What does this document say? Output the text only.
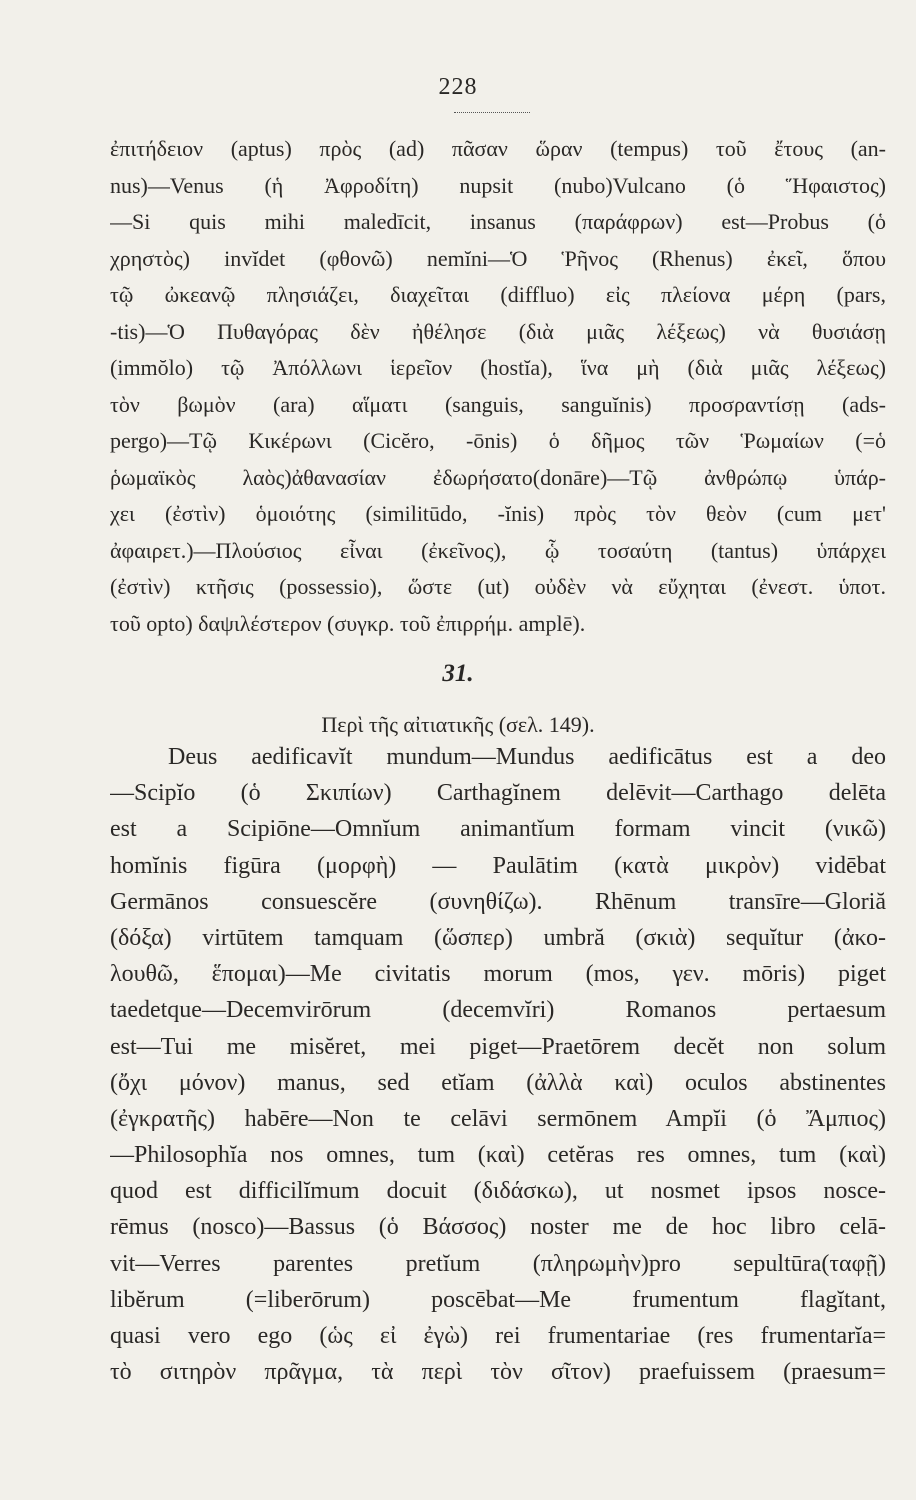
228
ἐπιτήδειον (aptus) πρὸς (ad) πᾶσαν ὥραν (tempus) τοῦ ἔτους (an-
nus)—Venus (ἡ Ἀφροδίτη) nupsit (nubo)Vulcano (ὁ Ἥφαιστος)
—Si quis mihi maledīcit, insanus (παράφρων) est—Probus (ὁ
χρηστὸς) invĭdet (φθονῶ) nemĭni—Ὁ Ῥῆνος (Rhenus) ἐκεῖ, ὅπου
τῷ ὠκεανῷ πλησιάζει, διαχεῖται (diffluo) εἰς πλείονα μέρη (pars,
-tis)—Ὁ Πυθαγόρας δὲν ἠθέλησε (διὰ μιᾶς λέξεως) νὰ θυσιάσῃ
(immŏlo) τῷ Ἀπόλλωνι ἱερεῖον (hostĭa), ἵνα μὴ (διὰ μιᾶς λέξεως)
τὸν βωμὸν (ara) αἵματι (sanguis, sanguĭnis) προσραντίσῃ (ads-
pergo)—Τῷ Κικέρωνι (Cicĕro, -ōnis) ὁ δῆμος τῶν Ῥωμαίων (=ὁ
ῥωμαϊκὸς λαὸς)ἀθανασίαν ἐδωρήσατο(donāre)—Τῷ ἀνθρώπῳ ὑπάρ-
χει (ἐστὶν) ὁμοιότης (similitūdo, -ĭnis) πρὸς τὸν θεὸν (cum μετ'
ἀφαιρετ.)—Πλούσιος εἶναι (ἐκεῖνος), ᾧ τοσαύτη (tantus) ὑπάρχει
(ἐστὶν) κτῆσις (possessio), ὥστε (ut) οὐδὲν νὰ εὔχηται (ἐνεστ. ὑποτ.
τοῦ opto) δαψιλέστερον (συγκρ. τοῦ ἐπιρρήμ. amplē).
31.
Περὶ τῆς αἰτιατικῆς (σελ. 149).
Deus aedificavĭt mundum—Mundus aedificātus est a deo
—Scipĭo (ὁ Σκιπίων) Carthagĭnem delēvit—Carthago delēta
est a Scipiōne—Omnĭum animantĭum formam vincit (νικῶ)
homĭnis figūra (μορφὴ) — Paulātim (κατὰ μικρὸν) vidēbat
Germānos consuescĕre (συνηθίζω). Rhēnum transīre—Gloriă
(δόξα) virtūtem tamquam (ὥσπερ) umbră (σκιὰ) sequĭtur (ἀκο-
λουθῶ, ἕπομαι)—Me civitatis morum (mos, γεν. mōris) piget
taedetque—Decemvirōrum (decemvĭri) Romanos pertaesum
est—Tui me misĕret, mei piget—Praetōrem decĕt non solum
(ὄχι μόνον) manus, sed etĭam (ἀλλὰ καὶ) oculos abstinentes
(ἐγκρατῆς) habēre—Non te celāvi sermōnem Ampĭi (ὁ Ἄμπιος)
—Philosophĭa nos omnes, tum (καὶ) cetĕras res omnes, tum (καὶ)
quod est difficilĭmum docuit (διδάσκω), ut nosmet ipsos nosce-
rēmus (nosco)—Bassus (ὁ Βάσσος) noster me de hoc libro celā-
vit—Verres parentes pretĭum (πληρωμὴν)pro sepultūra(ταφῇ)
libĕrum (=liberōrum) poscēbat—Me frumentum flagĭtant,
quasi vero ego (ὡς εἰ ἐγὼ) rei frumentariae (res frumentarĭa=
τὸ σιτηρὸν πρᾶγμα, τὰ περὶ τὸν σῖτον) praefuissem (praesum=
